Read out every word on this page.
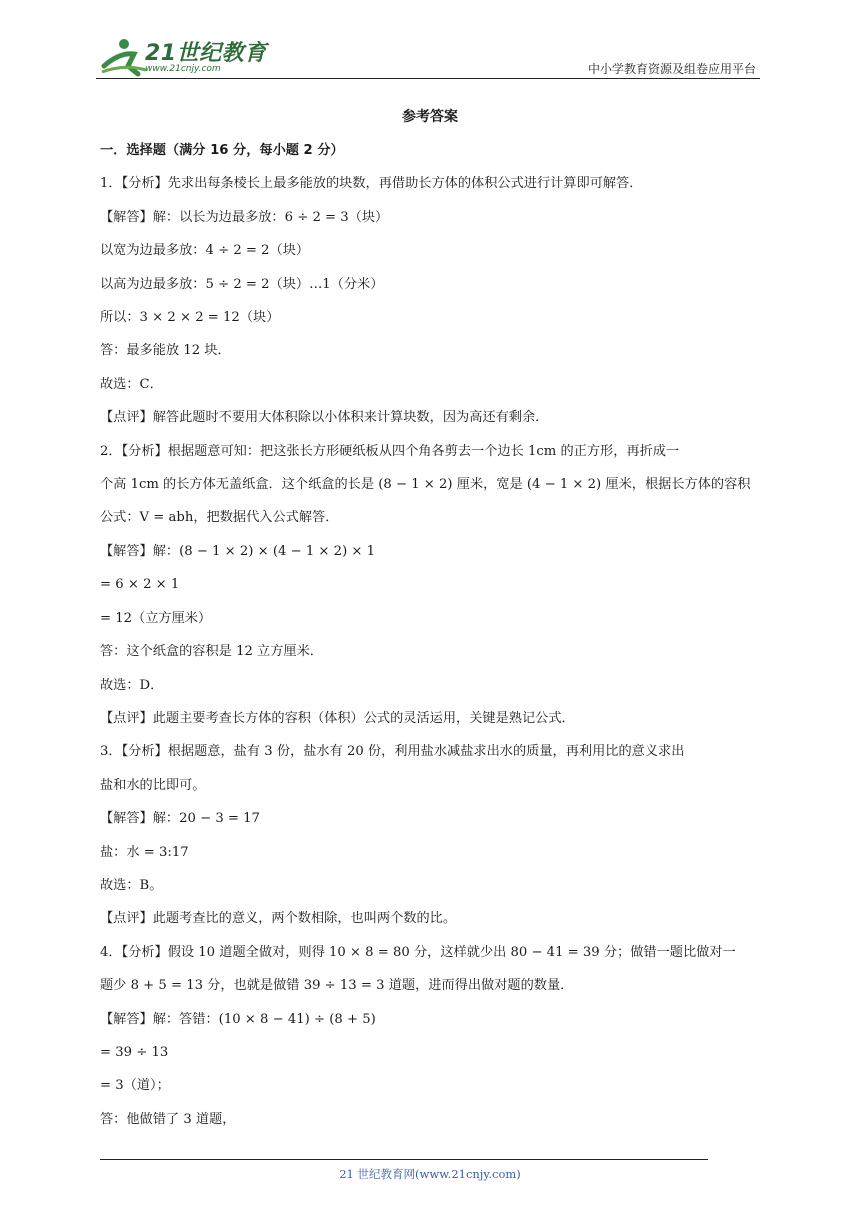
21世纪教育
www.21cnjy.com	中小学教育资源及组卷应用平台
参考答案

一．选择题（满分 16 分，每小题 2 分）

1．【分析】先求出每条棱长上最多能放的块数，再借助长方体的体积公式进行计算即可解答．

【解答】解：以长为边最多放：6 ÷ 2 = 3（块）

以宽为边最多放：4 ÷ 2 = 2（块）

以高为边最多放：5 ÷ 2 = 2（块）…1（分米）

所以：3 × 2 × 2 = 12（块）

答：最多能放 12 块．

故选：C．

【点评】解答此题时不要用大体积除以小体积来计算块数，因为高还有剩余．

2．【分析】根据题意可知：把这张长方形硬纸板从四个角各剪去一个边长 1cm 的正方形，再折成一

个高 1cm 的长方体无盖纸盒．这个纸盒的长是 (8 − 1 × 2) 厘米，宽是 (4 − 1 × 2) 厘米，根据长方体的容积

公式：V = abh，把数据代入公式解答．

【解答】解：(8 − 1 × 2) × (4 − 1 × 2) × 1

= 6 × 2 × 1

= 12（立方厘米）

答：这个纸盒的容积是 12 立方厘米．

故选：D．

【点评】此题主要考查长方体的容积（体积）公式的灵活运用，关键是熟记公式．

3．【分析】根据题意，盐有 3 份，盐水有 20 份，利用盐水减盐求出水的质量，再利用比的意义求出

盐和水的比即可。

【解答】解：20 − 3 = 17

盐：水 = 3:17

故选：B。

【点评】此题考查比的意义，两个数相除，也叫两个数的比。

4．【分析】假设 10 道题全做对，则得 10 × 8 = 80 分，这样就少出 80 − 41 = 39 分；做错一题比做对一

题少 8 + 5 = 13 分，也就是做错 39 ÷ 13 = 3 道题，进而得出做对题的数量．

【解答】解：答错：(10 × 8 − 41) ÷ (8 + 5)

= 39 ÷ 13

= 3（道）；

答：他做错了 3 道题，

21 世纪教育网(www.21cnjy.com)
